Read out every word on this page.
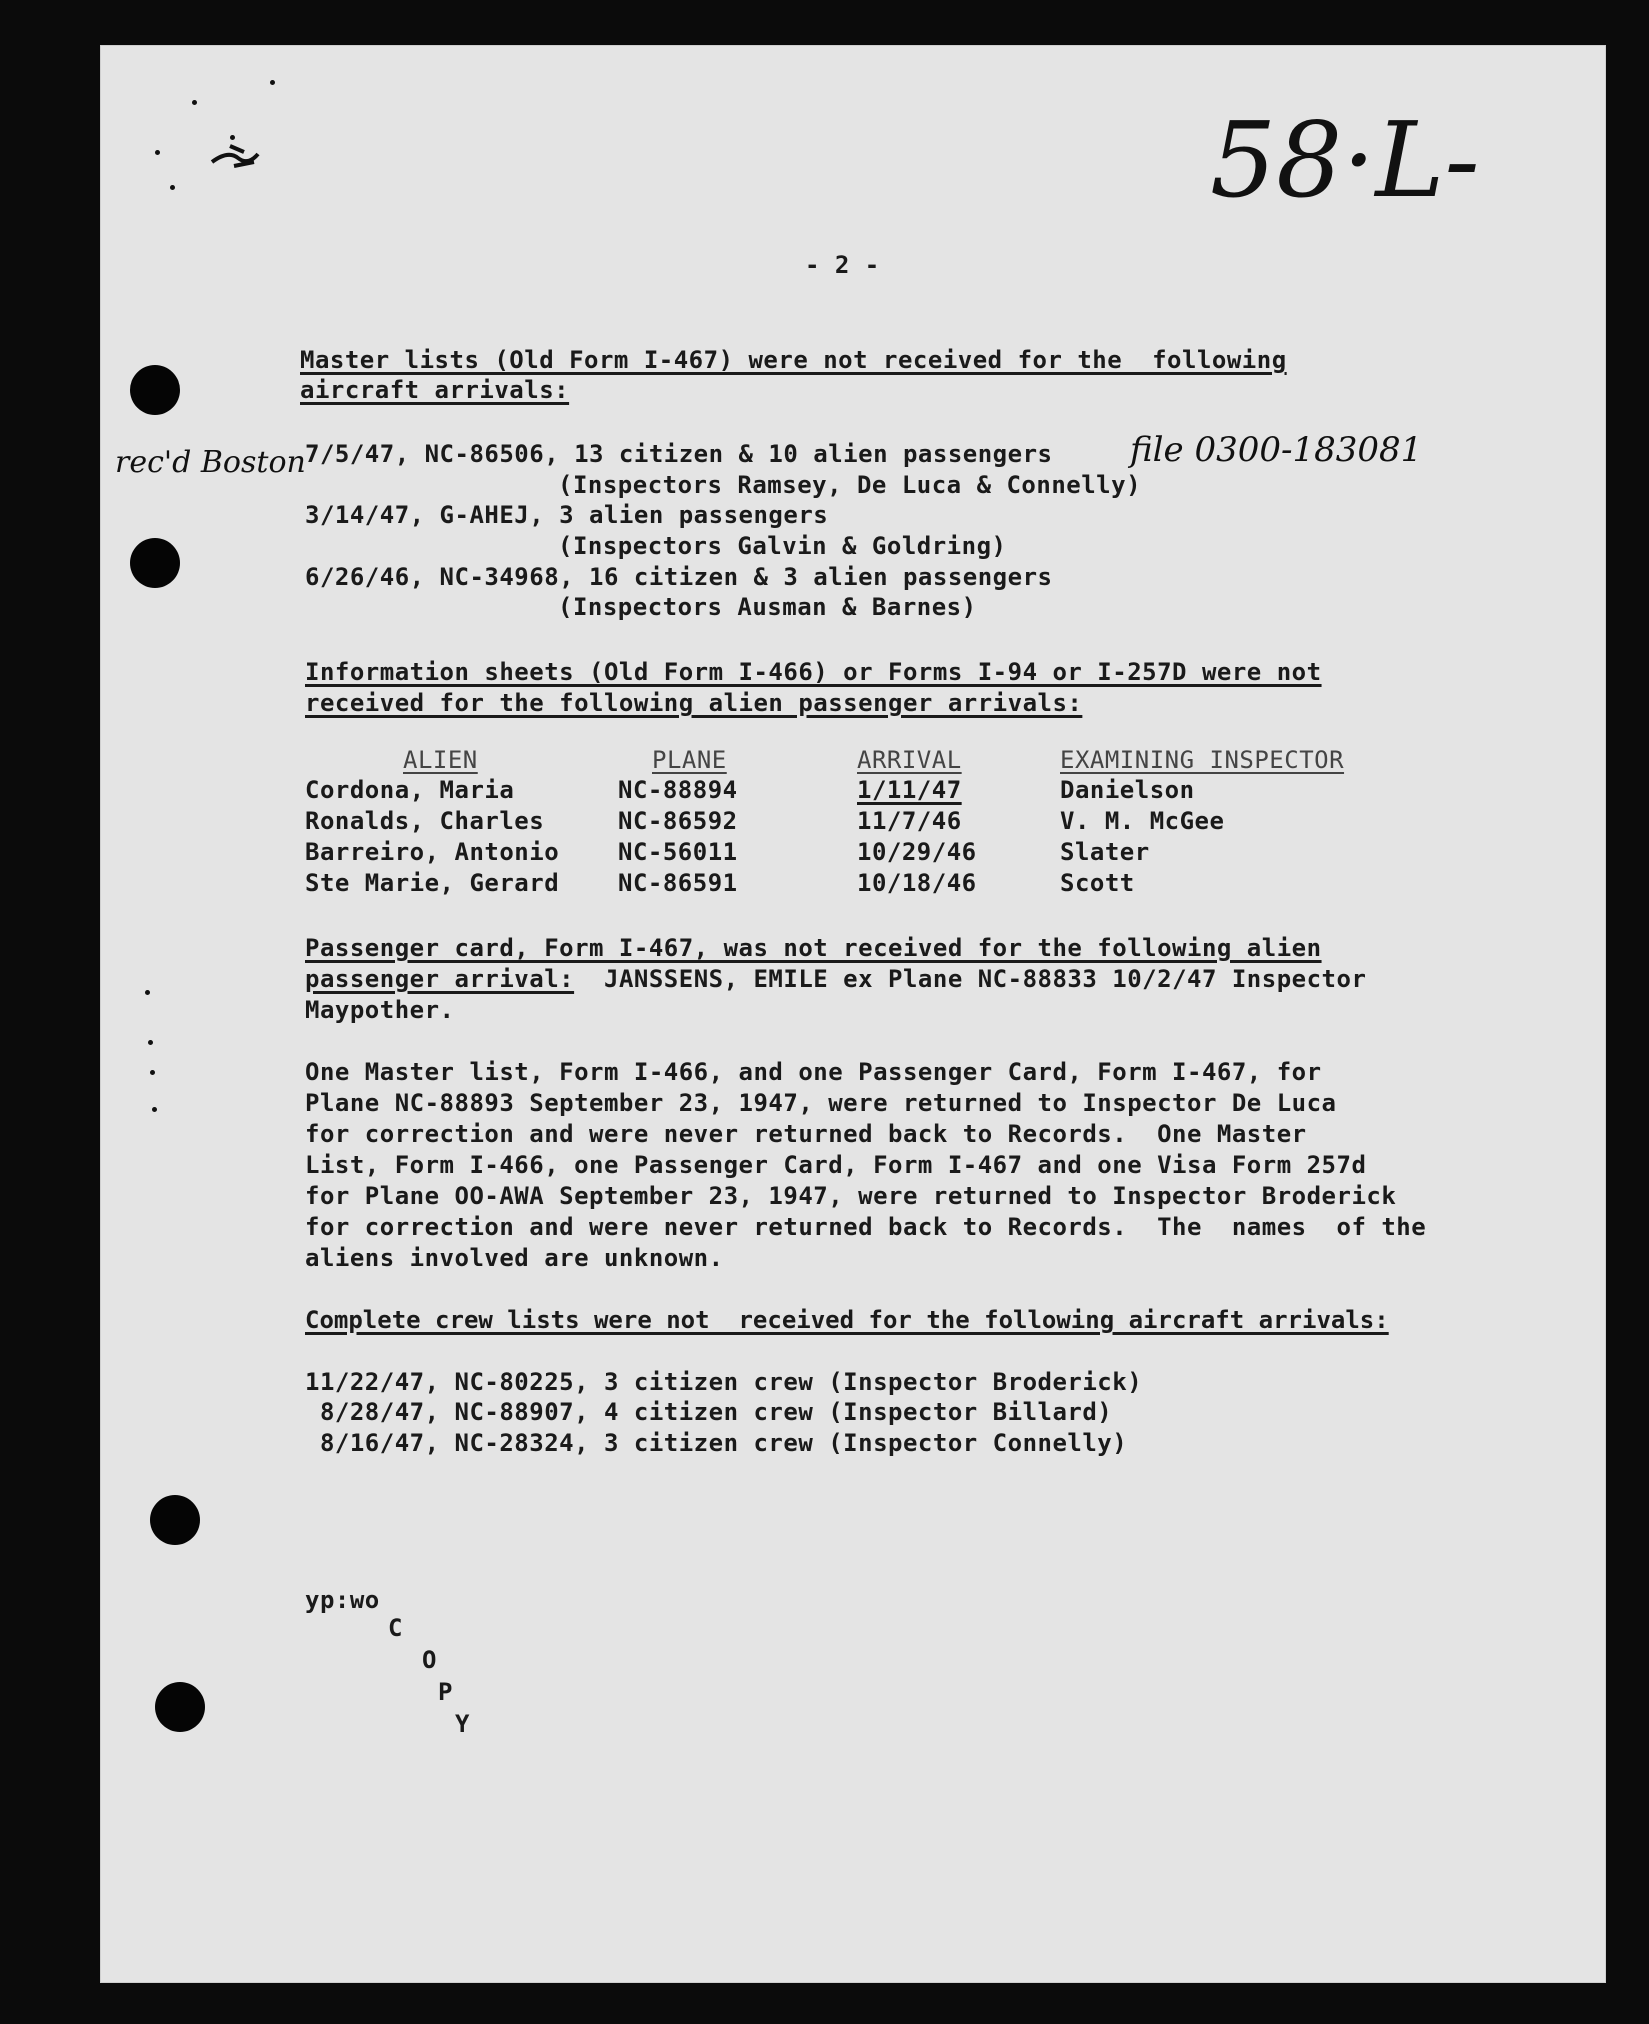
58·L-
- 2 -
Master lists (Old Form I-467) were not received for the  following
aircraft arrivals:
rec'd Boston	file 0300-183081
7/5/47, NC-86506, 13 citizen & 10 alien passengers
(Inspectors Ramsey, De Luca & Connelly)
3/14/47, G-AHEJ, 3 alien passengers
(Inspectors Galvin & Goldring)
6/26/46, NC-34968, 16 citizen & 3 alien passengers
(Inspectors Ausman & Barnes)
Information sheets (Old Form I-466) or Forms I-94 or I-257D were not
received for the following alien passenger arrivals:
ALIEN	PLANE	ARRIVAL	EXAMINING INSPECTOR
Cordona, Maria	NC-88894	1/11/47	Danielson
Ronalds, Charles	NC-86592	11/7/46	V. M. McGee
Barreiro, Antonio NC-56011	10/29/46	Slater
Ste Marie, Gerard NC-86591	10/18/46	Scott
Passenger card, Form I-467, was not received for the following alien
passenger arrival:  JANSSENS, EMILE ex Plane NC-88833 10/2/47 Inspector
Maypother.
One Master list, Form I-466, and one Passenger Card, Form I-467, for
Plane NC-88893 September 23, 1947, were returned to Inspector De Luca
for correction and were never returned back to Records.  One Master
List, Form I-466, one Passenger Card, Form I-467 and one Visa Form 257d
for Plane OO-AWA September 23, 1947, were returned to Inspector Broderick
for correction and were never returned back to Records.  The  names  of the
aliens involved are unknown.
Complete crew lists were not  received for the following aircraft arrivals:
11/22/47, NC-80225, 3 citizen crew (Inspector Broderick)
8/28/47, NC-88907, 4 citizen crew (Inspector Billard)
8/16/47, NC-28324, 3 citizen crew (Inspector Connelly)
yp:wo
C
O
P
Y
